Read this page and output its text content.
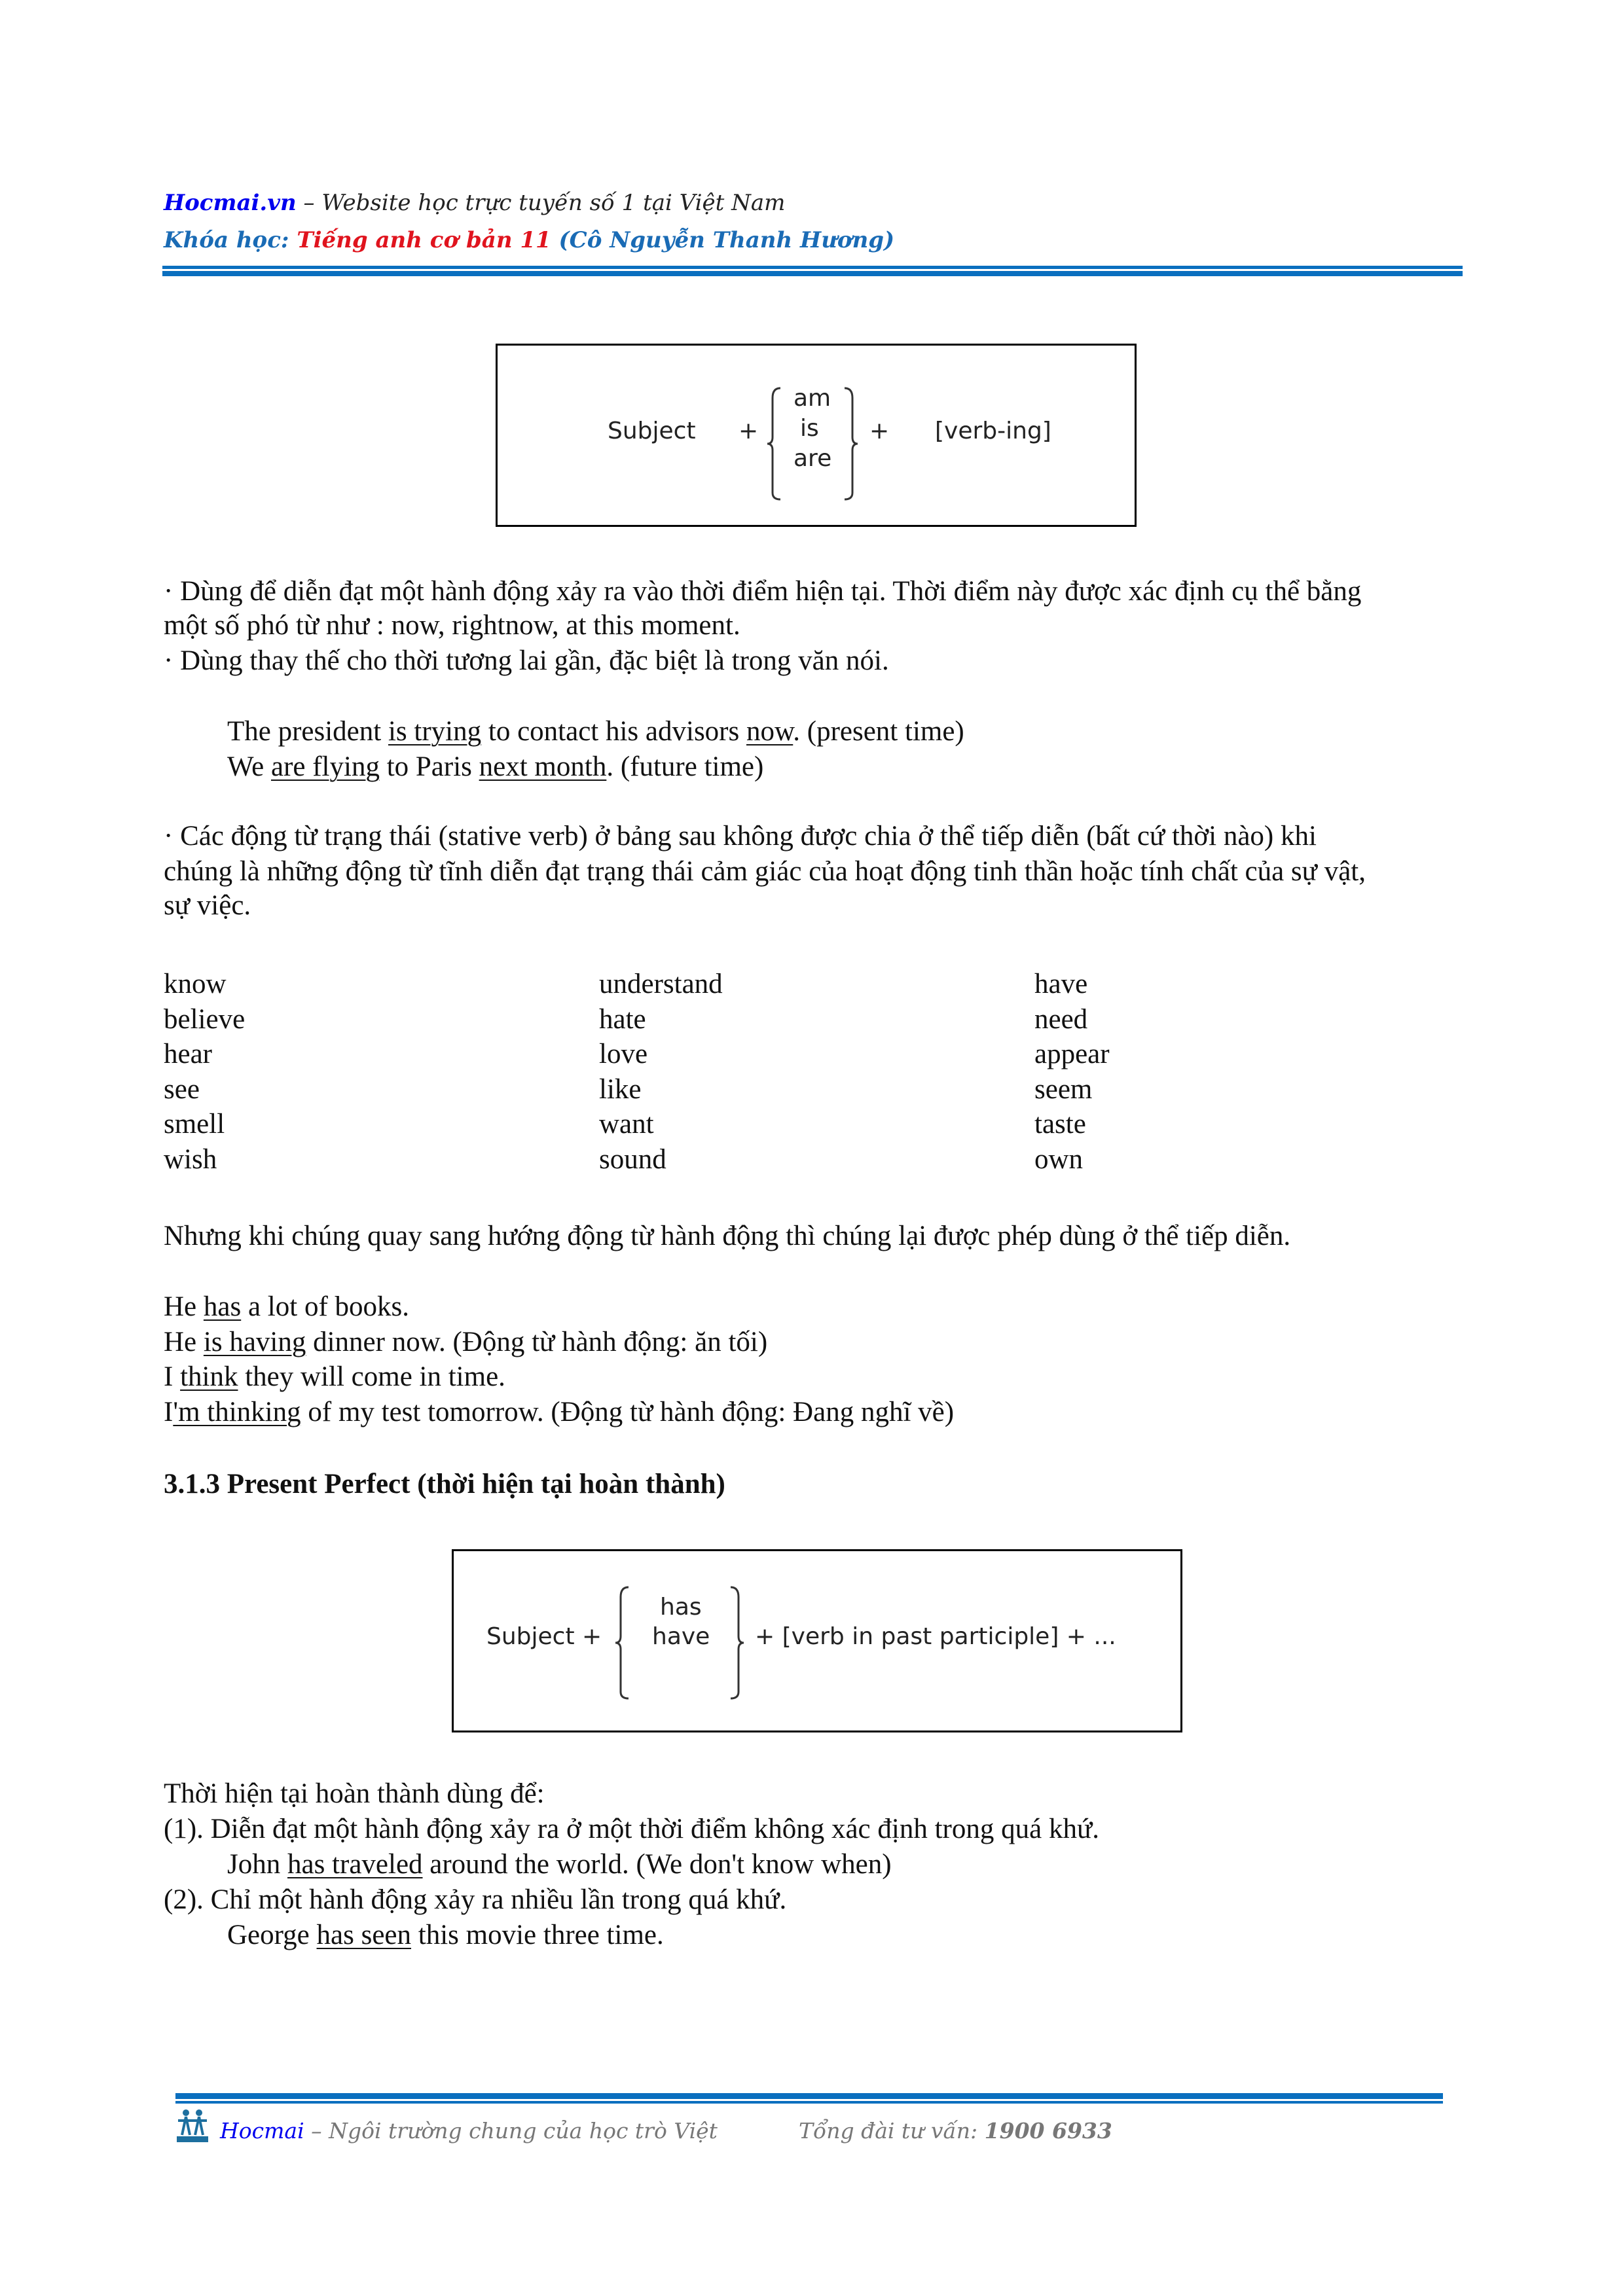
Hocmai.vn – Website học trực tuyến số 1 tại Việt Nam
Khóa học: Tiếng anh cơ bản 11 (Cô Nguyễn Thanh Hương)
Subject +
am
is
are
+ [verb-ing]
· Dùng để diễn đạt một hành động xảy ra vào thời điểm hiện tại. Thời điểm này được xác định cụ thể bằng
một số phó từ như : now, rightnow, at this moment.
· Dùng thay thế cho thời tương lai gần, đặc biệt là trong văn nói.
The president is trying to contact his advisors now. (present time)
We are flying to Paris next month. (future time)
· Các động từ trạng thái (stative verb) ở bảng sau không được chia ở thể tiếp diễn (bất cứ thời nào) khi
chúng là những động từ tĩnh diễn đạt trạng thái cảm giác của hoạt động tinh thần hoặc tính chất của sự vật,
sự việc.
know	understand	have
believe	hate	need
hear	love	appear
see	like	seem
smell	want	taste
wish	sound	own
Nhưng khi chúng quay sang hướng động từ hành động thì chúng lại được phép dùng ở thể tiếp diễn.
He has a lot of books.
He is having dinner now. (Động từ hành động: ăn tối)
I think they will come in time.
I'm thinking of my test tomorrow. (Động từ hành động: Đang nghĩ về)
3.1.3 Present Perfect (thời hiện tại hoàn thành)
Subject +
has
have + [verb in past participle] + ...
Thời hiện tại hoàn thành dùng để:
(1). Diễn đạt một hành động xảy ra ở một thời điểm không xác định trong quá khứ.
John has traveled around the world. (We don't know when)
(2). Chỉ một hành động xảy ra nhiều lần trong quá khứ.
George has seen this movie three time.
Hocmai – Ngôi trường chung của học trò Việt	Tổng đài tư vấn: 1900 6933
